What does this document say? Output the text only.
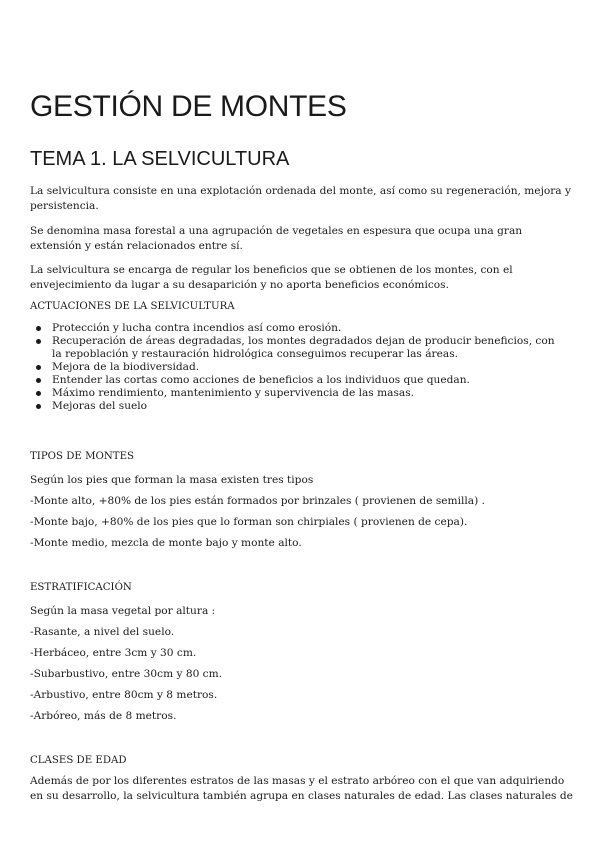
GESTIÓN DE MONTES
TEMA 1. LA SELVICULTURA

La selvicultura consiste en una explotación ordenada del monte, así como su regeneración, mejora y persistencia.

Se denomina masa forestal a una agrupación de vegetales en espesura que ocupa una gran extensión y están relacionados entre sí.

La selvicultura se encarga de regular los beneficios que se obtienen de los montes, con el envejecimiento da lugar a su desaparición y no aporta beneficios económicos.

ACTUACIONES DE LA SELVICULTURA

Protección y lucha contra incendios así como erosión.
Recuperación de áreas degradadas, los montes degradados dejan de producir beneficios, con la repoblación y restauración hidrológica conseguimos recuperar las áreas.
Mejora de la biodiversidad.
Entender las cortas como acciones de beneficios a los individuos que quedan.
Máximo rendimiento, mantenimiento y supervivencia de las masas.
Mejoras del suelo

TIPOS DE MONTES

Según los pies que forman la masa existen tres tipos

-Monte alto, +80% de los pies están formados por brinzales ( provienen de semilla) .

-Monte bajo, +80% de los pies que lo forman son chirpiales ( provienen de cepa).

-Monte medio, mezcla de monte bajo y monte alto.

ESTRATIFICACIÓN

Según la masa vegetal por altura :

-Rasante, a nivel del suelo.

-Herbáceo, entre 3cm y 30 cm.

-Subarbustivo, entre 30cm y 80 cm.

-Arbustivo, entre 80cm y 8 metros.

-Arbóreo, más de 8 metros.

CLASES DE EDAD

Además de por los diferentes estratos de las masas y el estrato arbóreo con el que van adquiriendo en su desarrollo, la selvicultura también agrupa en clases naturales de edad. Las clases naturales de
